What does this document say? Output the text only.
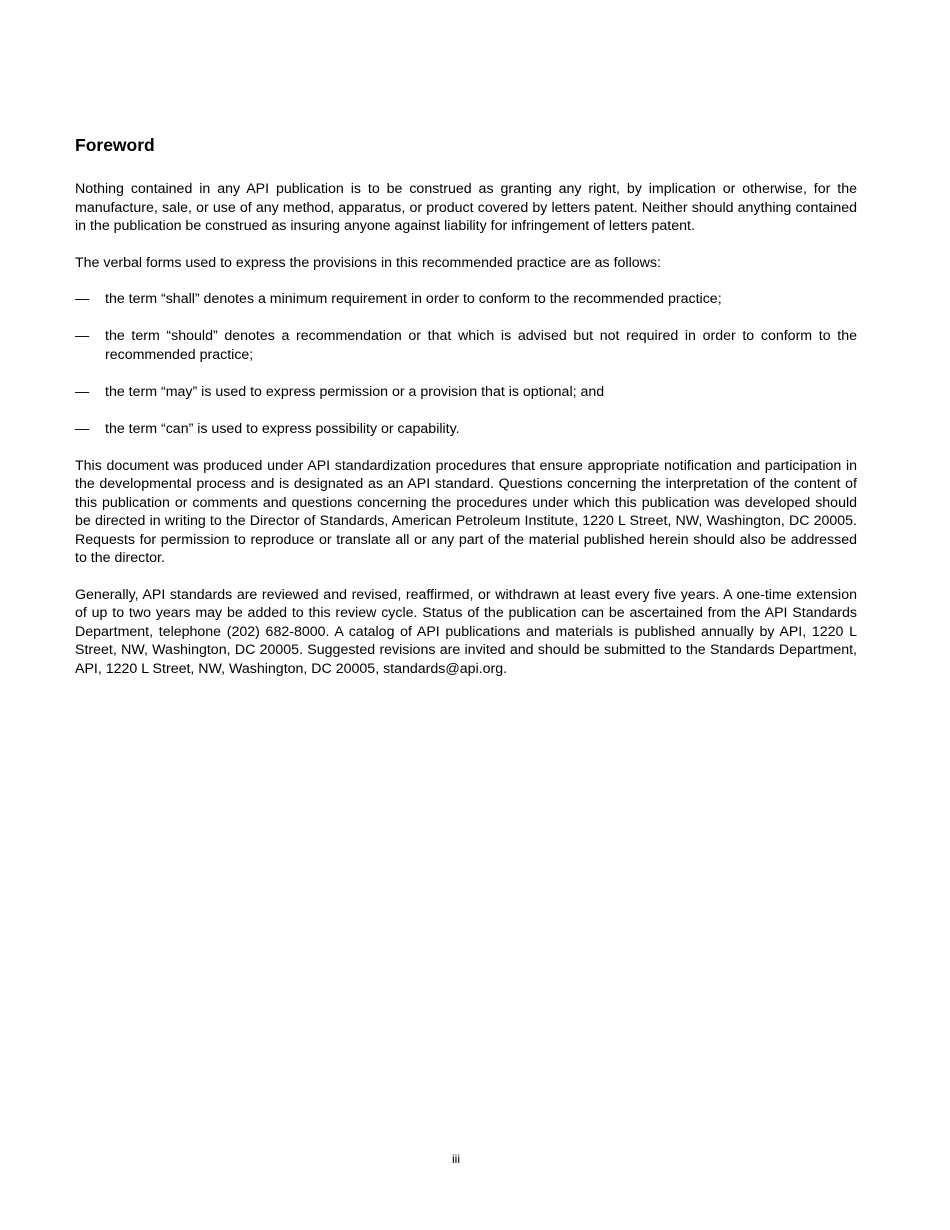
Foreword

Nothing contained in any API publication is to be construed as granting any right, by implication or otherwise, for the manufacture, sale, or use of any method, apparatus, or product covered by letters patent. Neither should anything contained in the publication be construed as insuring anyone against liability for infringement of letters patent.

The verbal forms used to express the provisions in this recommended practice are as follows:

—	the term “shall” denotes a minimum requirement in order to conform to the recommended practice;
—	the term “should” denotes a recommendation or that which is advised but not required in order to conform to the recommended practice;
—	the term “may” is used to express permission or a provision that is optional; and
—	the term “can” is used to express possibility or capability.

This document was produced under API standardization procedures that ensure appropriate notification and participation in the developmental process and is designated as an API standard. Questions concerning the interpretation of the content of this publication or comments and questions concerning the procedures under which this publication was developed should be directed in writing to the Director of Standards, American Petroleum Institute, 1220 L Street, NW, Washington, DC 20005. Requests for permission to reproduce or translate all or any part of the material published herein should also be addressed to the director.

Generally, API standards are reviewed and revised, reaffirmed, or withdrawn at least every five years. A one-time extension of up to two years may be added to this review cycle. Status of the publication can be ascertained from the API Standards Department, telephone (202) 682-8000. A catalog of API publications and materials is published annually by API, 1220 L Street, NW, Washington, DC 20005. Suggested revisions are invited and should be submitted to the Standards Department, API, 1220 L Street, NW, Washington, DC 20005, standards@api.org.

iii
